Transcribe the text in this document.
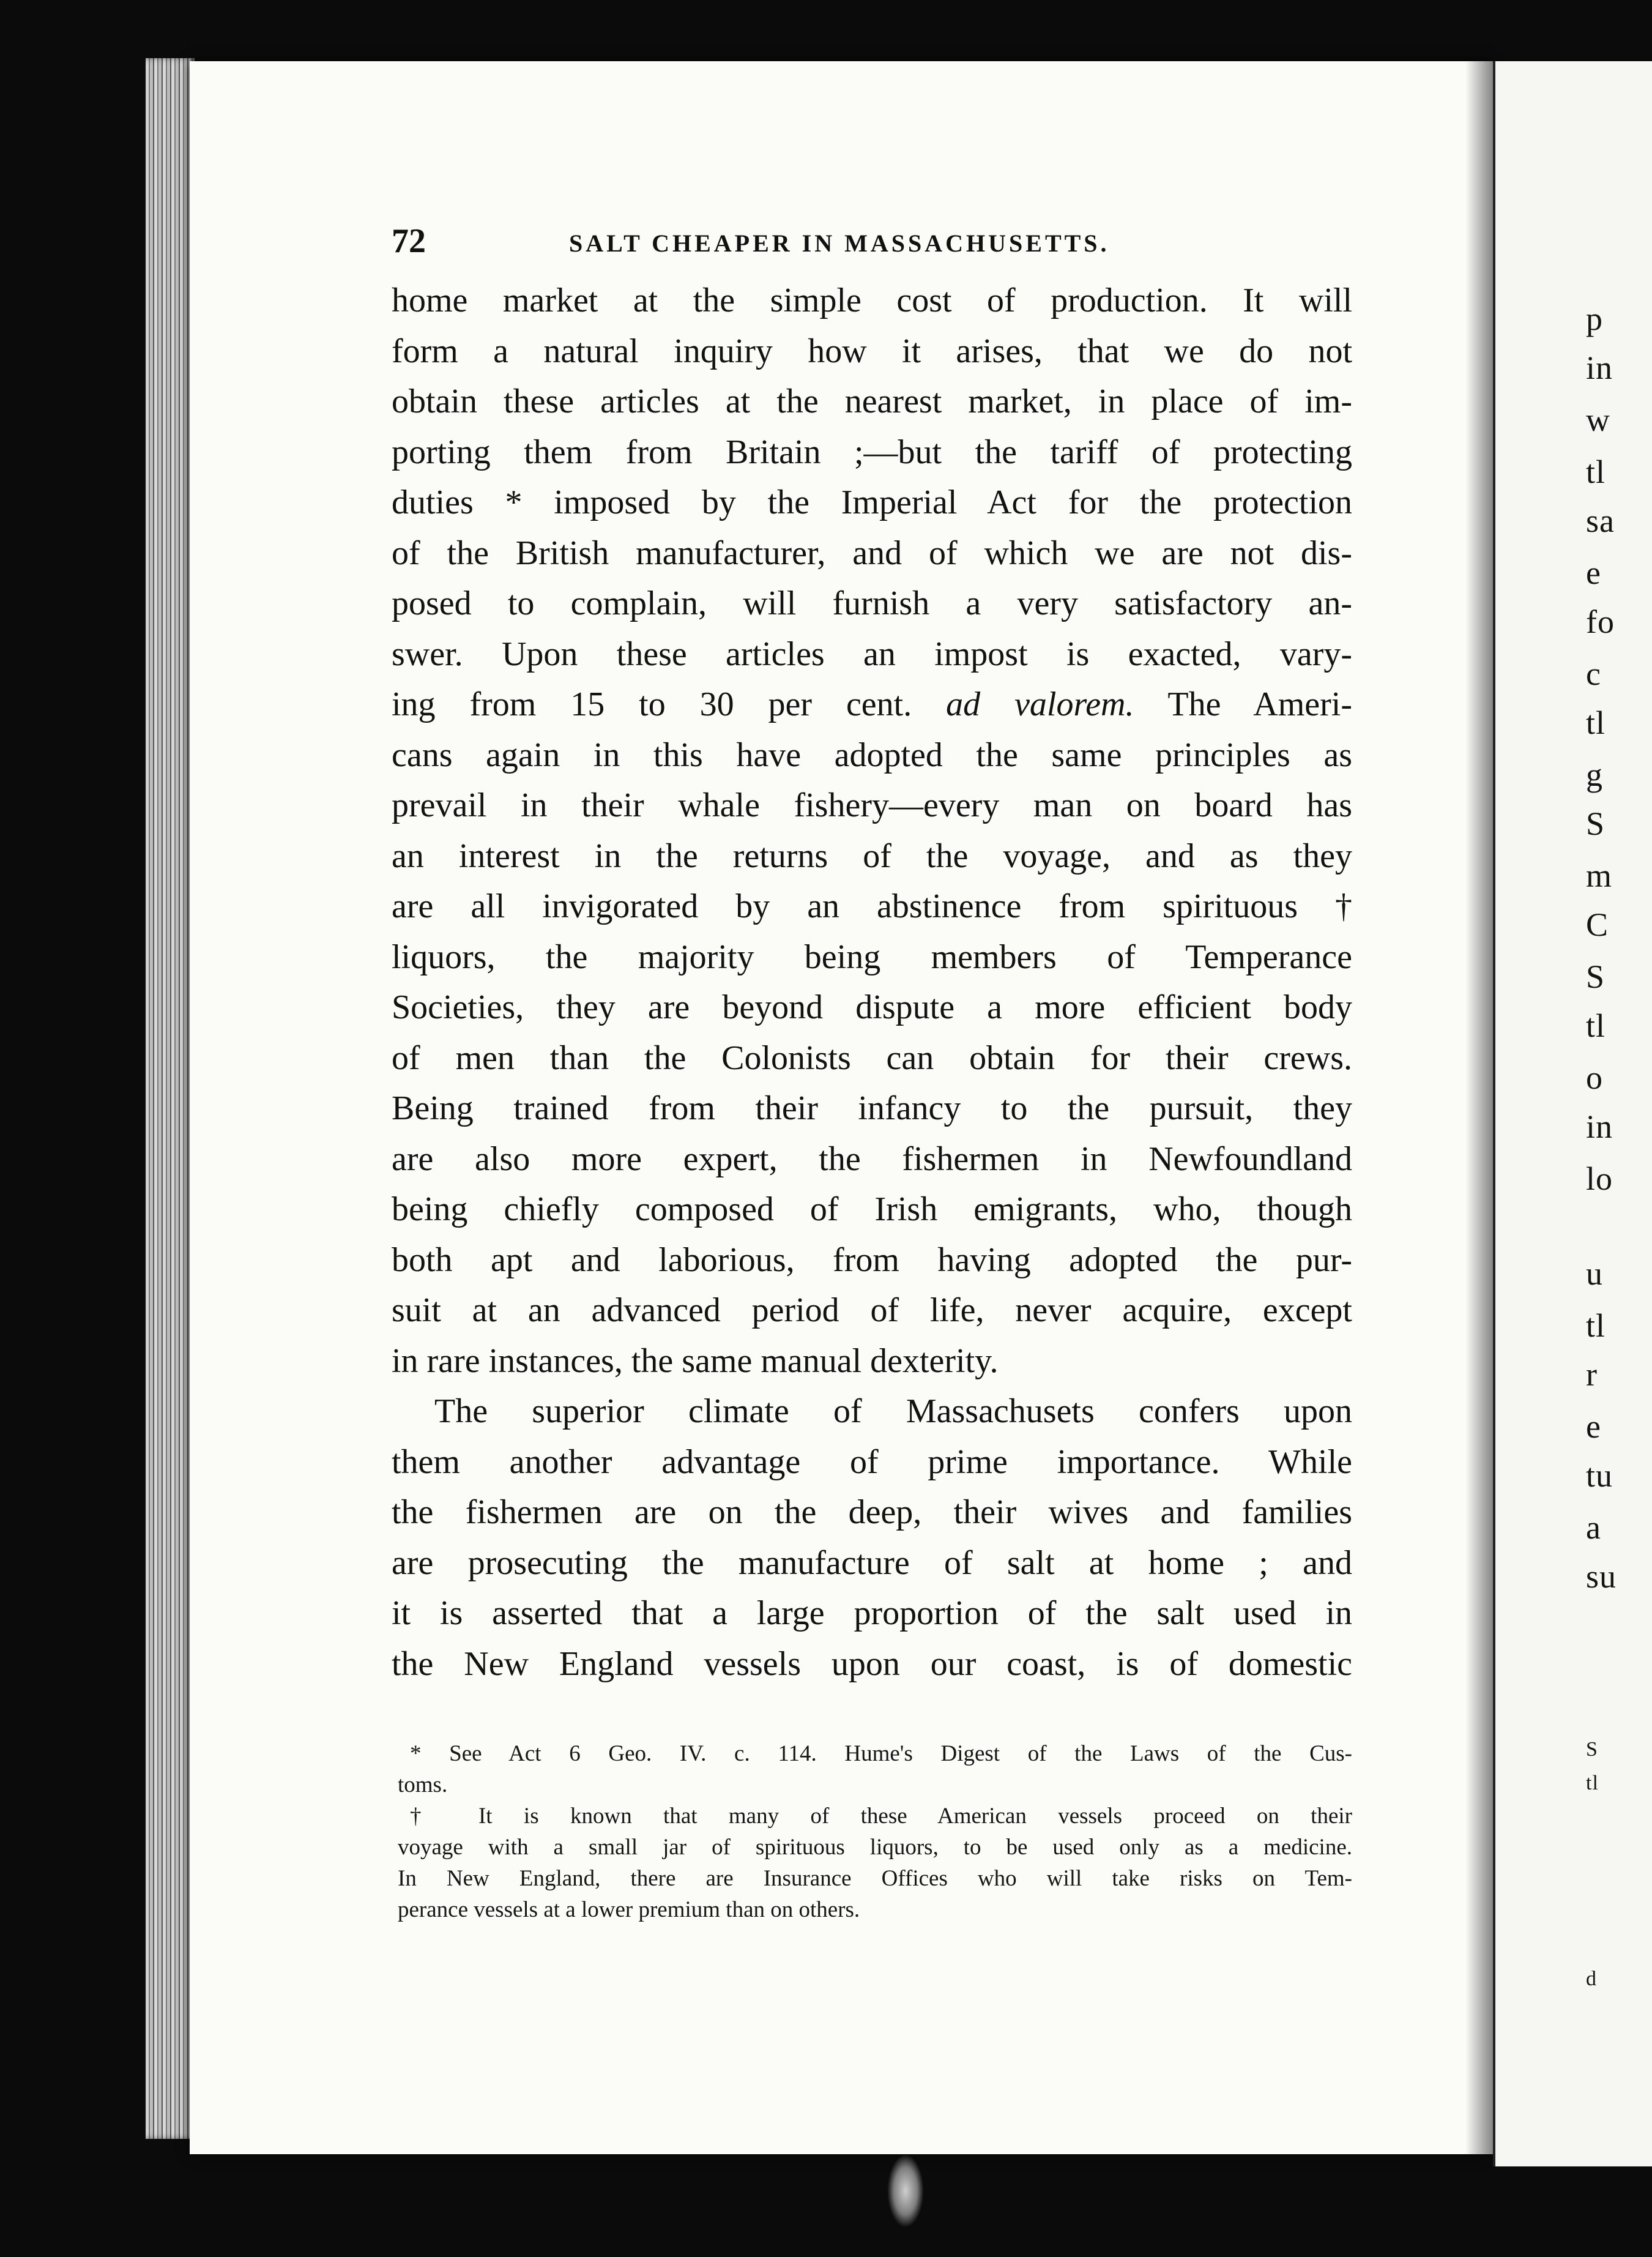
p
in
w
tl
sa
e
fo
c
tl
g
S
m
C
S
tl
o
in
lo
u
tl
r
e
tu
a
su
S
tl
d
72	SALT CHEAPER IN MASSACHUSETTS.
home market at the simple cost of production. It will
form a natural inquiry how it arises, that we do not
obtain these articles at the nearest market, in place of im-
porting them from Britain ;—but the tariff of protecting
duties * imposed by the Imperial Act for the protection
of the British manufacturer, and of which we are not dis-
posed to complain, will furnish a very satisfactory an-
swer. Upon these articles an impost is exacted, vary-
ing from 15 to 30 per cent. ad valorem. The Ameri-
cans again in this have adopted the same principles as
prevail in their whale fishery—every man on board has
an interest in the returns of the voyage, and as they
are all invigorated by an abstinence from spirituous †
liquors, the majority being members of Temperance
Societies, they are beyond dispute a more efficient body
of men than the Colonists can obtain for their crews.
Being trained from their infancy to the pursuit, they
are also more expert, the fishermen in Newfoundland
being chiefly composed of Irish emigrants, who, though
both apt and laborious, from having adopted the pur-
suit at an advanced period of life, never acquire, except
in rare instances, the same manual dexterity.
The superior climate of Massachusets confers upon
them another advantage of prime importance. While
the fishermen are on the deep, their wives and families
are prosecuting the manufacture of salt at home ; and
it is asserted that a large proportion of the salt used in
the New England vessels upon our coast, is of domestic
* See Act 6 Geo. IV. c. 114. Hume's Digest of the Laws of the Cus-
toms.
† It is known that many of these American vessels proceed on their
voyage with a small jar of spirituous liquors, to be used only as a medicine.
In New England, there are Insurance Offices who will take risks on Tem-
perance vessels at a lower premium than on others.
